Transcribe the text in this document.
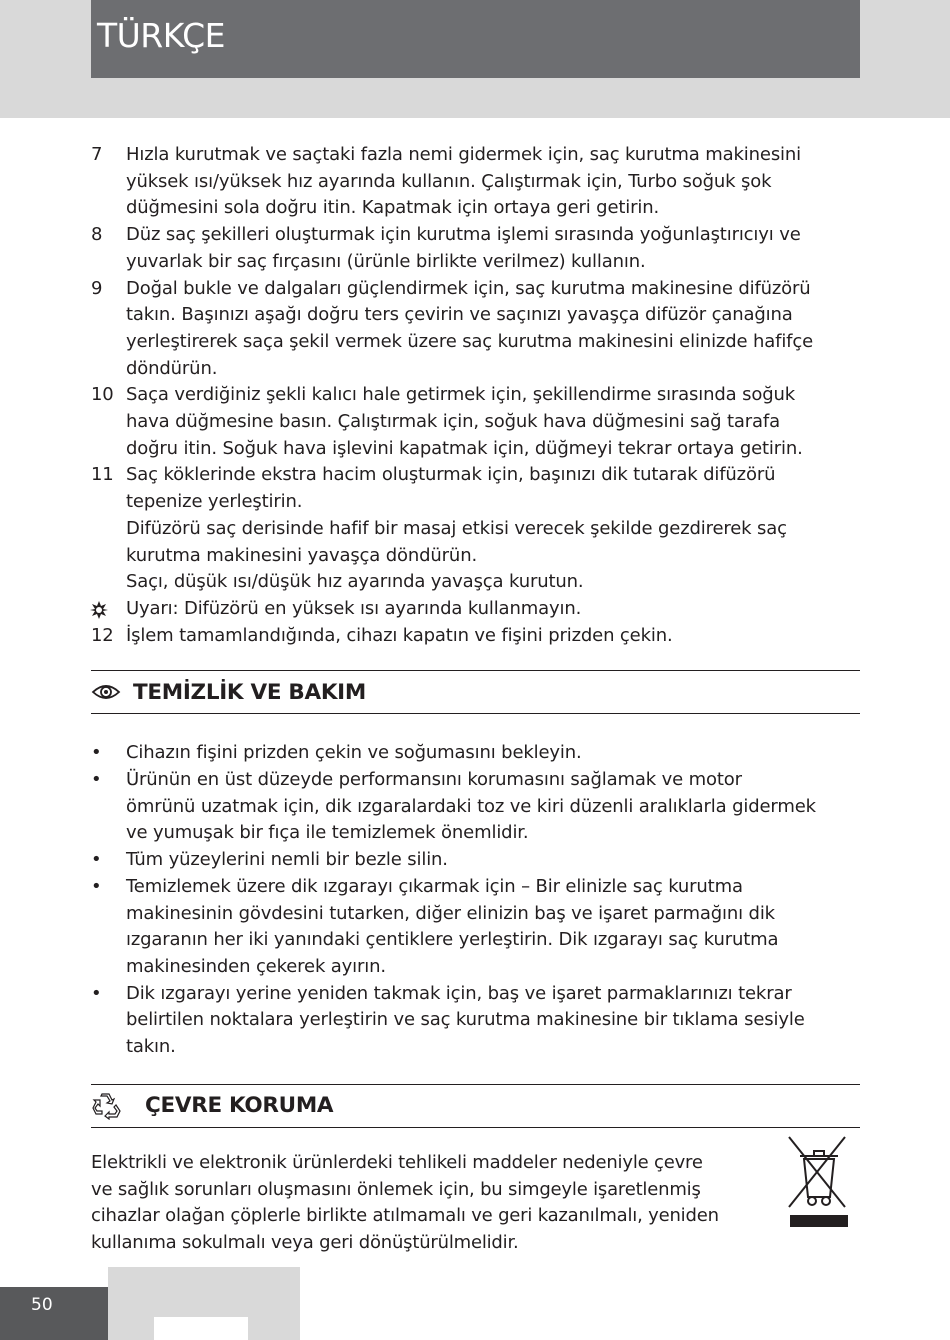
TÜRKÇE
7	Hızla kurutmak ve saçtaki fazla nemi gidermek için, saç kurutma makinesini
yüksek ısı/yüksek hız ayarında kullanın. Çalıştırmak için, Turbo soğuk şok
düğmesini sola doğru itin. Kapatmak için ortaya geri getirin.
8	Düz saç şekilleri oluşturmak için kurutma işlemi sırasında yoğunlaştırıcıyı ve
yuvarlak bir saç fırçasını (ürünle birlikte verilmez) kullanın.
9	Doğal bukle ve dalgaları güçlendirmek için, saç kurutma makinesine difüzörü
takın. Başınızı aşağı doğru ters çevirin ve saçınızı yavaşça difüzör çanağına
yerleştirerek saça şekil vermek üzere saç kurutma makinesini elinizde hafifçe
döndürün.
10 Saça verdiğiniz şekli kalıcı hale getirmek için, şekillendirme sırasında soğuk
hava düğmesine basın. Çalıştırmak için, soğuk hava düğmesini sağ tarafa
doğru itin. Soğuk hava işlevini kapatmak için, düğmeyi tekrar ortaya getirin.
11 Saç köklerinde ekstra hacim oluşturmak için, başınızı dik tutarak difüzörü
tepenize yerleştirin.
Difüzörü saç derisinde hafif bir masaj etkisi verecek şekilde gezdirerek saç
kurutma makinesini yavaşça döndürün.
Saçı, düşük ısı/düşük hız ayarında yavaşça kurutun.
Uyarı: Difüzörü en yüksek ısı ayarında kullanmayın.
12 İşlem tamamlandığında, cihazı kapatın ve fişini prizden çekin.
TEMİZLİK VE BAKIM
• Cihazın fişini prizden çekin ve soğumasını bekleyin.
• Ürünün en üst düzeyde performansını korumasını sağlamak ve motor
ömrünü uzatmak için, dik ızgaralardaki toz ve kiri düzenli aralıklarla gidermek
ve yumuşak bir fıça ile temizlemek önemlidir.
• Tüm yüzeylerini nemli bir bezle silin.
• Temizlemek üzere dik ızgarayı çıkarmak için – Bir elinizle saç kurutma
makinesinin gövdesini tutarken, diğer elinizin baş ve işaret parmağını dik
ızgaranın her iki yanındaki çentiklere yerleştirin. Dik ızgarayı saç kurutma
makinesinden çekerek ayırın.
• Dik ızgarayı yerine yeniden takmak için, baş ve işaret parmaklarınızı tekrar
belirtilen noktalara yerleştirin ve saç kurutma makinesine bir tıklama sesiyle
takın.
ÇEVRE KORUMA
Elektrikli ve elektronik ürünlerdeki tehlikeli maddeler nedeniyle çevre
ve sağlık sorunları oluşmasını önlemek için, bu simgeyle işaretlenmiş
cihazlar olağan çöplerle birlikte atılmamalı ve geri kazanılmalı, yeniden
kullanıma sokulmalı veya geri dönüştürülmelidir.
50
